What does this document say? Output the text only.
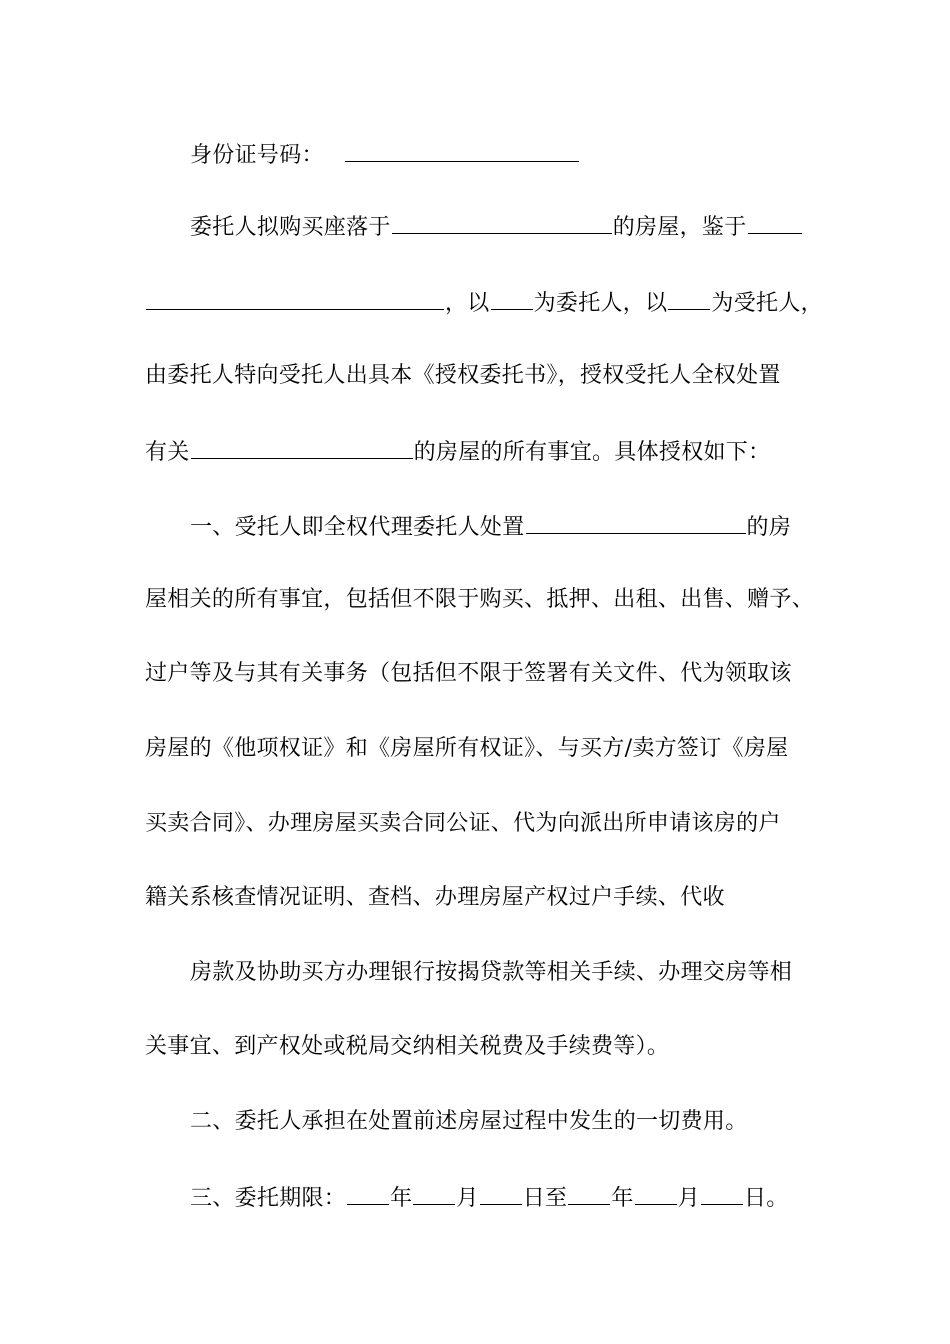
身份证号码：
委托人拟购买座落于	的房屋，鉴于
，以 为委托人，以 为受托人，
由委托人特向受托人出具本《授权委托书》，授权受托人全权处置
有关	的房屋的所有事宜。具体授权如下：
一、受托人即全权代理委托人处置	的房
屋相关的所有事宜，包括但不限于购买、抵押、出租、出售、赠予、
过户等及与其有关事务（包括但不限于签署有关文件、代为领取该
房屋的《他项权证》和《房屋所有权证》、与买方/卖方签订《房屋
买卖合同》、办理房屋买卖合同公证、代为向派出所申请该房的户
籍关系核查情况证明、查档、办理房屋产权过户手续、代收
房款及协助买方办理银行按揭贷款等相关手续、办理交房等相
关事宜、到产权处或税局交纳相关税费及手续费等）。
二、委托人承担在处置前述房屋过程中发生的一切费用。
三、委托期限： 年 月 日至 年 月 日。
